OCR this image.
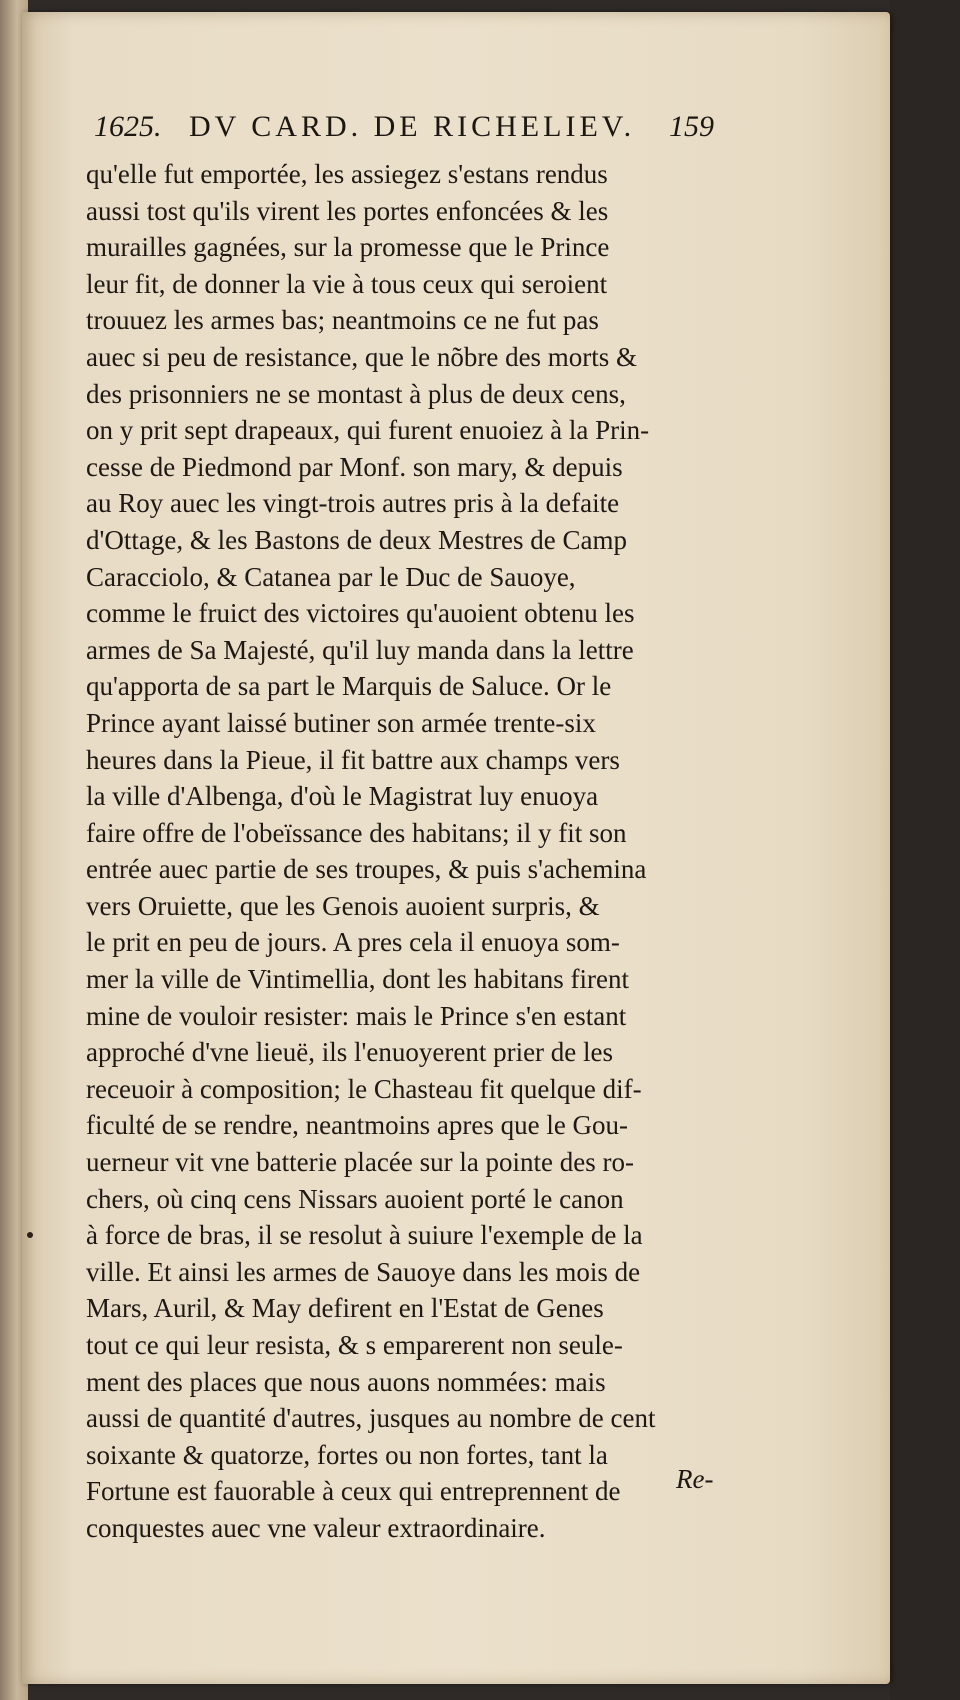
1625. DV CARD. DE RICHELIEV. 159
qu'elle fut emportée, les assiegez s'estans rendus
aussi tost qu'ils virent les portes enfoncées & les
murailles gagnées, sur la promesse que le Prince
leur fit, de donner la vie à tous ceux qui seroient
trouuez les armes bas; neantmoins ce ne fut pas
auec si peu de resistance, que le nõbre des morts &
des prisonniers ne se montast à plus de deux cens,
on y prit sept drapeaux, qui furent enuoiez à la Prin-
cesse de Piedmond par Monf. son mary, & depuis
au Roy auec les vingt-trois autres pris à la defaite
d'Ottage, & les Bastons de deux Mestres de Camp
Caracciolo, & Catanea par le Duc de Sauoye,
comme le fruict des victoires qu'auoient obtenu les
armes de Sa Majesté, qu'il luy manda dans la lettre
qu'apporta de sa part le Marquis de Saluce. Or le
Prince ayant laissé butiner son armée trente-six
heures dans la Pieue, il fit battre aux champs vers
la ville d'Albenga, d'où le Magistrat luy enuoya
faire offre de l'obeïssance des habitans; il y fit son
entrée auec partie de ses troupes, & puis s'achemina
vers Oruiette, que les Genois auoient surpris, &
le prit en peu de jours. A pres cela il enuoya som-
mer la ville de Vintimellia, dont les habitans firent
mine de vouloir resister: mais le Prince s'en estant
approché d'vne lieuë, ils l'enuoyerent prier de les
receuoir à composition; le Chasteau fit quelque dif-
ficulté de se rendre, neantmoins apres que le Gou-
uerneur vit vne batterie placée sur la pointe des ro-
chers, où cinq cens Nissars auoient porté le canon
à force de bras, il se resolut à suiure l'exemple de la
ville. Et ainsi les armes de Sauoye dans les mois de
Mars, Auril, & May defirent en l'Estat de Genes
tout ce qui leur resista, & s emparerent non seule-
ment des places que nous auons nommées: mais
aussi de quantité d'autres, jusques au nombre de cent
soixante & quatorze, fortes ou non fortes, tant la
Fortune est fauorable à ceux qui entreprennent de
conquestes auec vne valeur extraordinaire.
Re-
